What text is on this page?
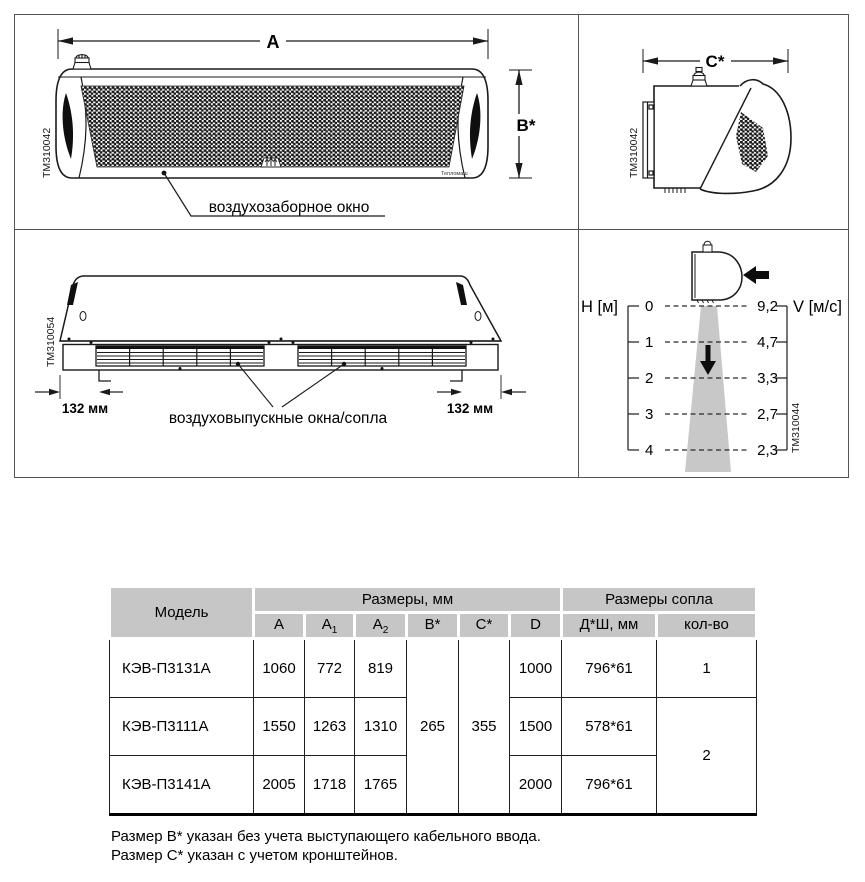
А
Тепломаш
воздухозаборное окно
В*
ТМ310042
C*
ТМ310042
132 мм	132 мм
воздуховыпускные окна/сопла
ТМ310054
H [м] 0
1
2
3
4
9,2
4,7
3,3
2,7
2,3
V [м/с]
ТМ310044
Модель	Размеры, мм						Размеры сопла	
	А	$А_1$	$А_2$	В*	С*	D	Д*Ш, мм	кол-во
КЭВ-П3131А	1060	772	819	265	355	1000	796*61	1
КЭВ-П3111А	1550	1263	1310			1500	578*61	2
КЭВ-П3141А	2005	1718	1765			2000	796*61	
Размер В* указан без учета выступающего кабельного ввода.
Размер С* указан с учетом кронштейнов.
